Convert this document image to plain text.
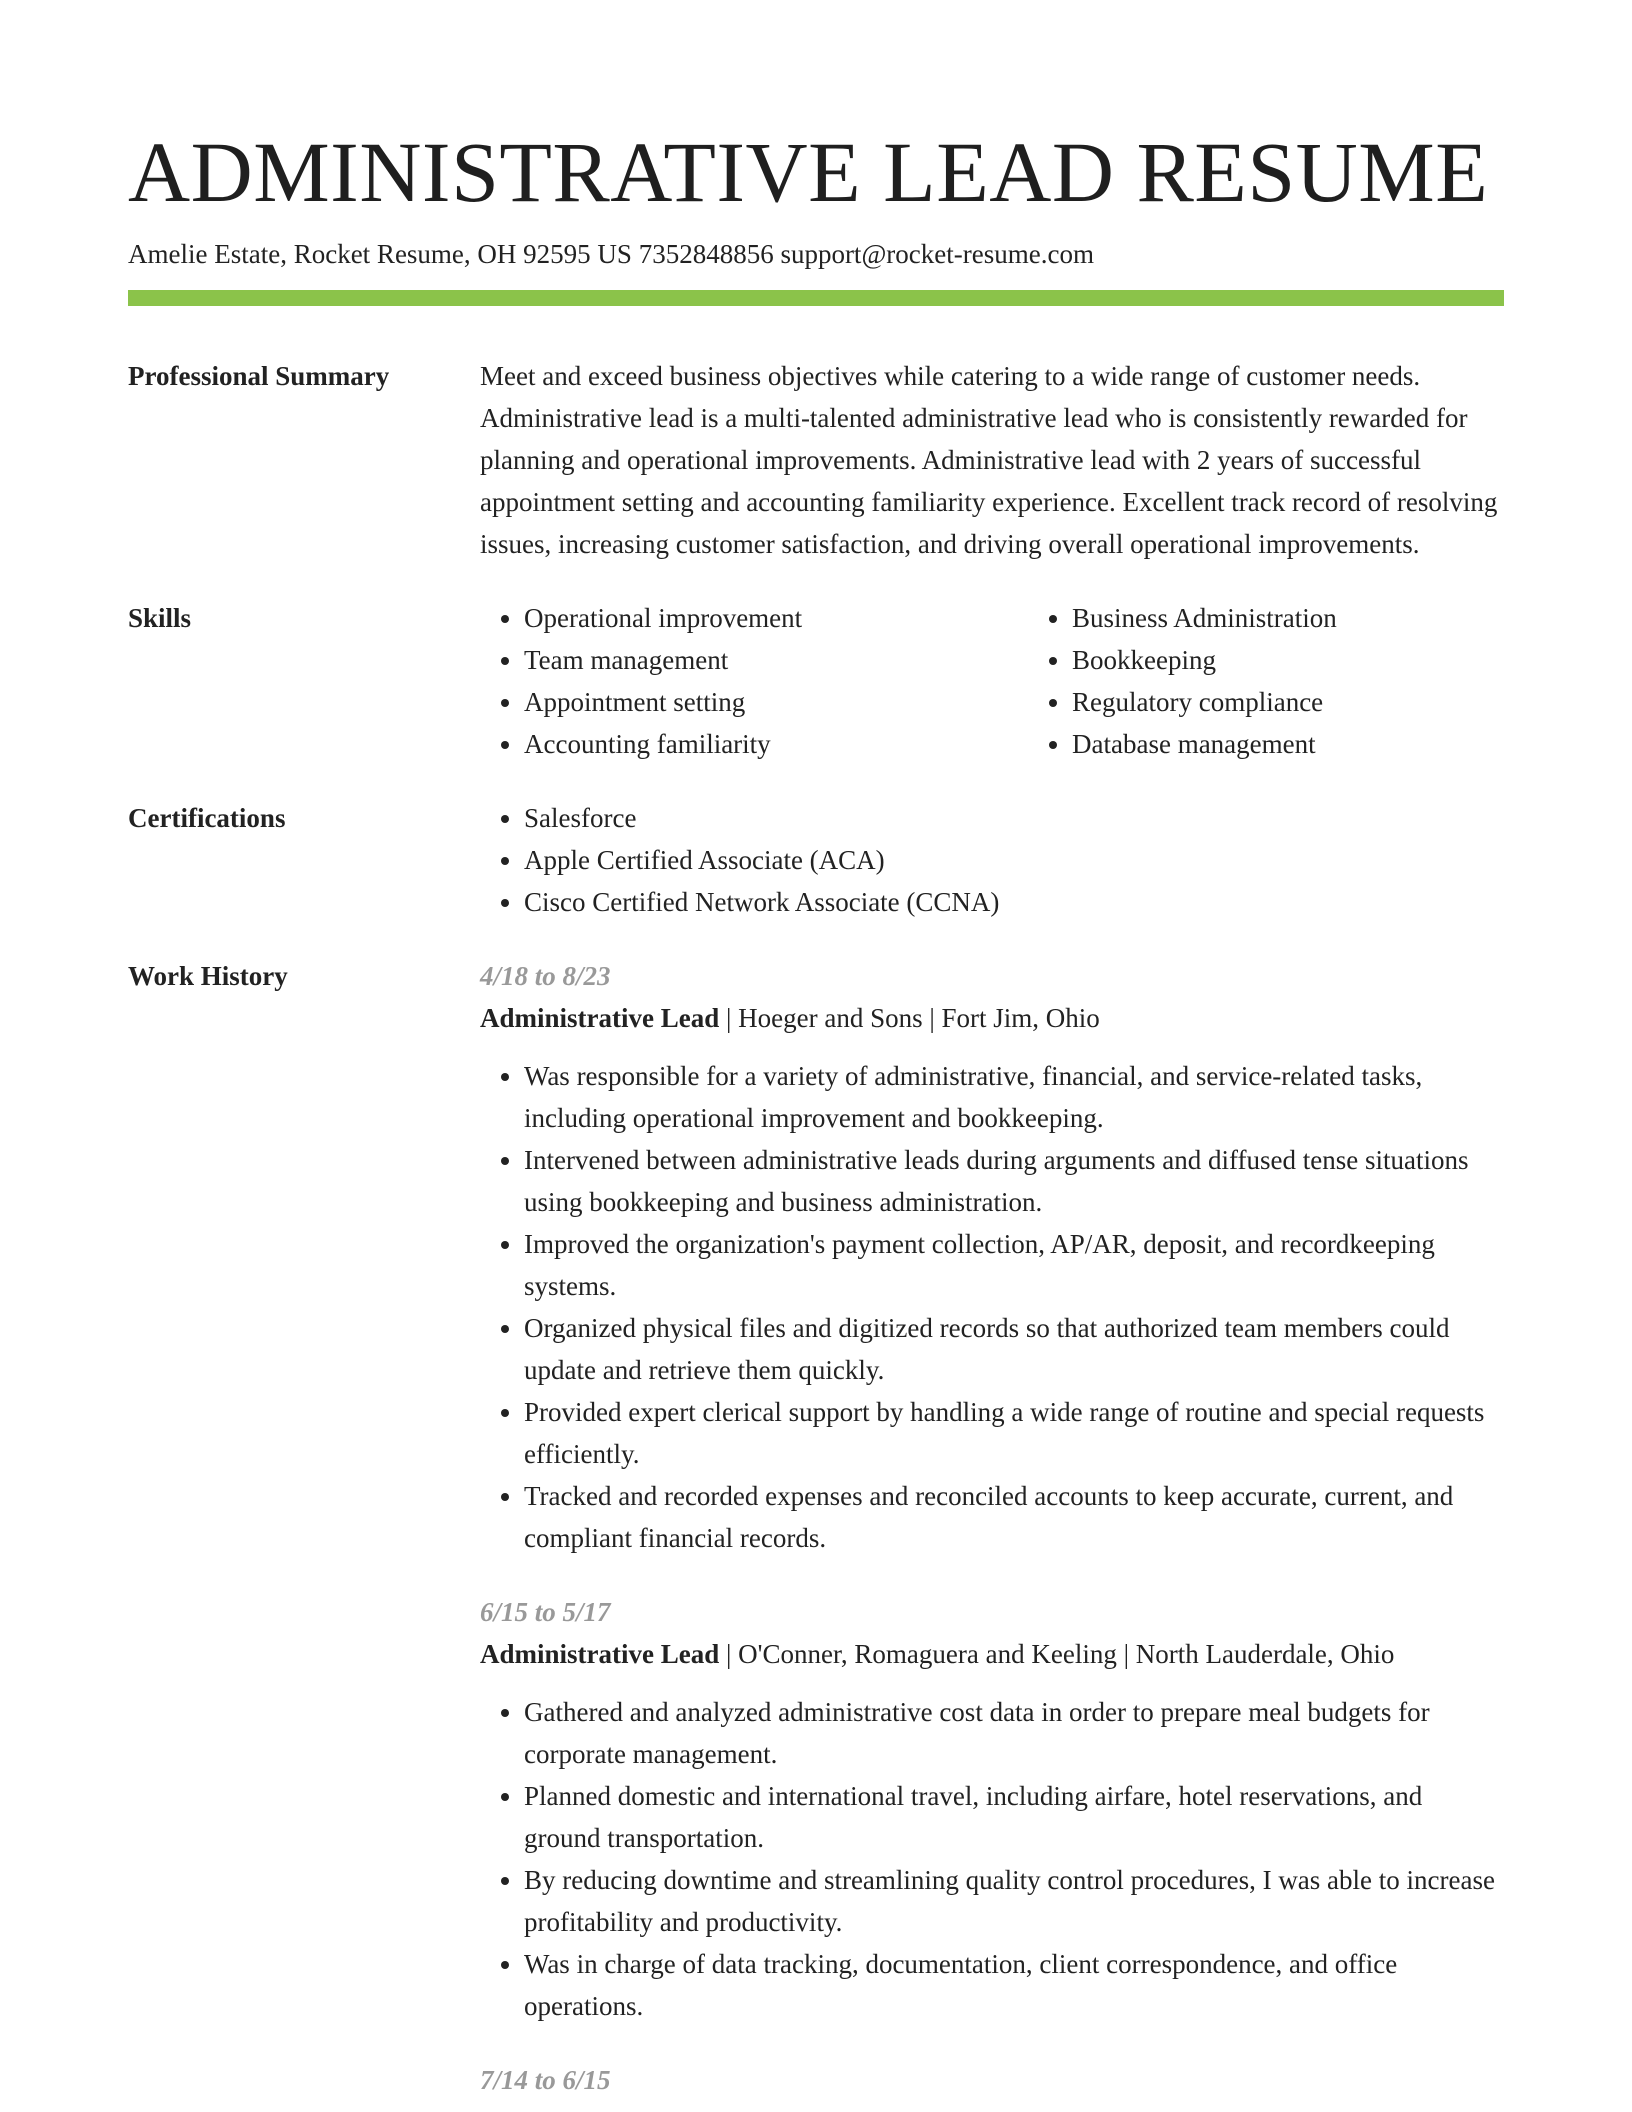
ADMINISTRATIVE LEAD RESUME
Amelie Estate, Rocket Resume, OH 92595 US 7352848856 support@rocket-resume.com
Professional Summary	Meet and exceed business objectives while catering to a wide range of customer needs. Administrative lead is a multi-talented administrative lead who is consistently rewarded for planning and operational improvements. Administrative lead with 2 years of successful appointment setting and accounting familiarity experience. Excellent track record of resolving issues, increasing customer satisfaction, and driving overall operational improvements.
Skills	• Operational improvement
• Team management
• Appointment setting
• Accounting familiarity
• Business Administration
• Bookkeeping
• Regulatory compliance
• Database management
Certifications	• Salesforce
• Apple Certified Associate (ACA)
• Cisco Certified Network Associate (CCNA)
Work History	4/18 to 8/23
Administrative Lead | Hoeger and Sons | Fort Jim, Ohio
• Was responsible for a variety of administrative, financial, and service-related tasks, including operational improvement and bookkeeping.
• Intervened between administrative leads during arguments and diffused tense situations using bookkeeping and business administration.
• Improved the organization's payment collection, AP/AR, deposit, and recordkeeping systems.
• Organized physical files and digitized records so that authorized team members could update and retrieve them quickly.
• Provided expert clerical support by handling a wide range of routine and special requests efficiently.
• Tracked and recorded expenses and reconciled accounts to keep accurate, current, and compliant financial records.
6/15 to 5/17
Administrative Lead | O'Conner, Romaguera and Keeling | North Lauderdale, Ohio
• Gathered and analyzed administrative cost data in order to prepare meal budgets for corporate management.
• Planned domestic and international travel, including airfare, hotel reservations, and ground transportation.
• By reducing downtime and streamlining quality control procedures, I was able to increase profitability and productivity.
• Was in charge of data tracking, documentation, client correspondence, and office operations.
7/14 to 6/15
